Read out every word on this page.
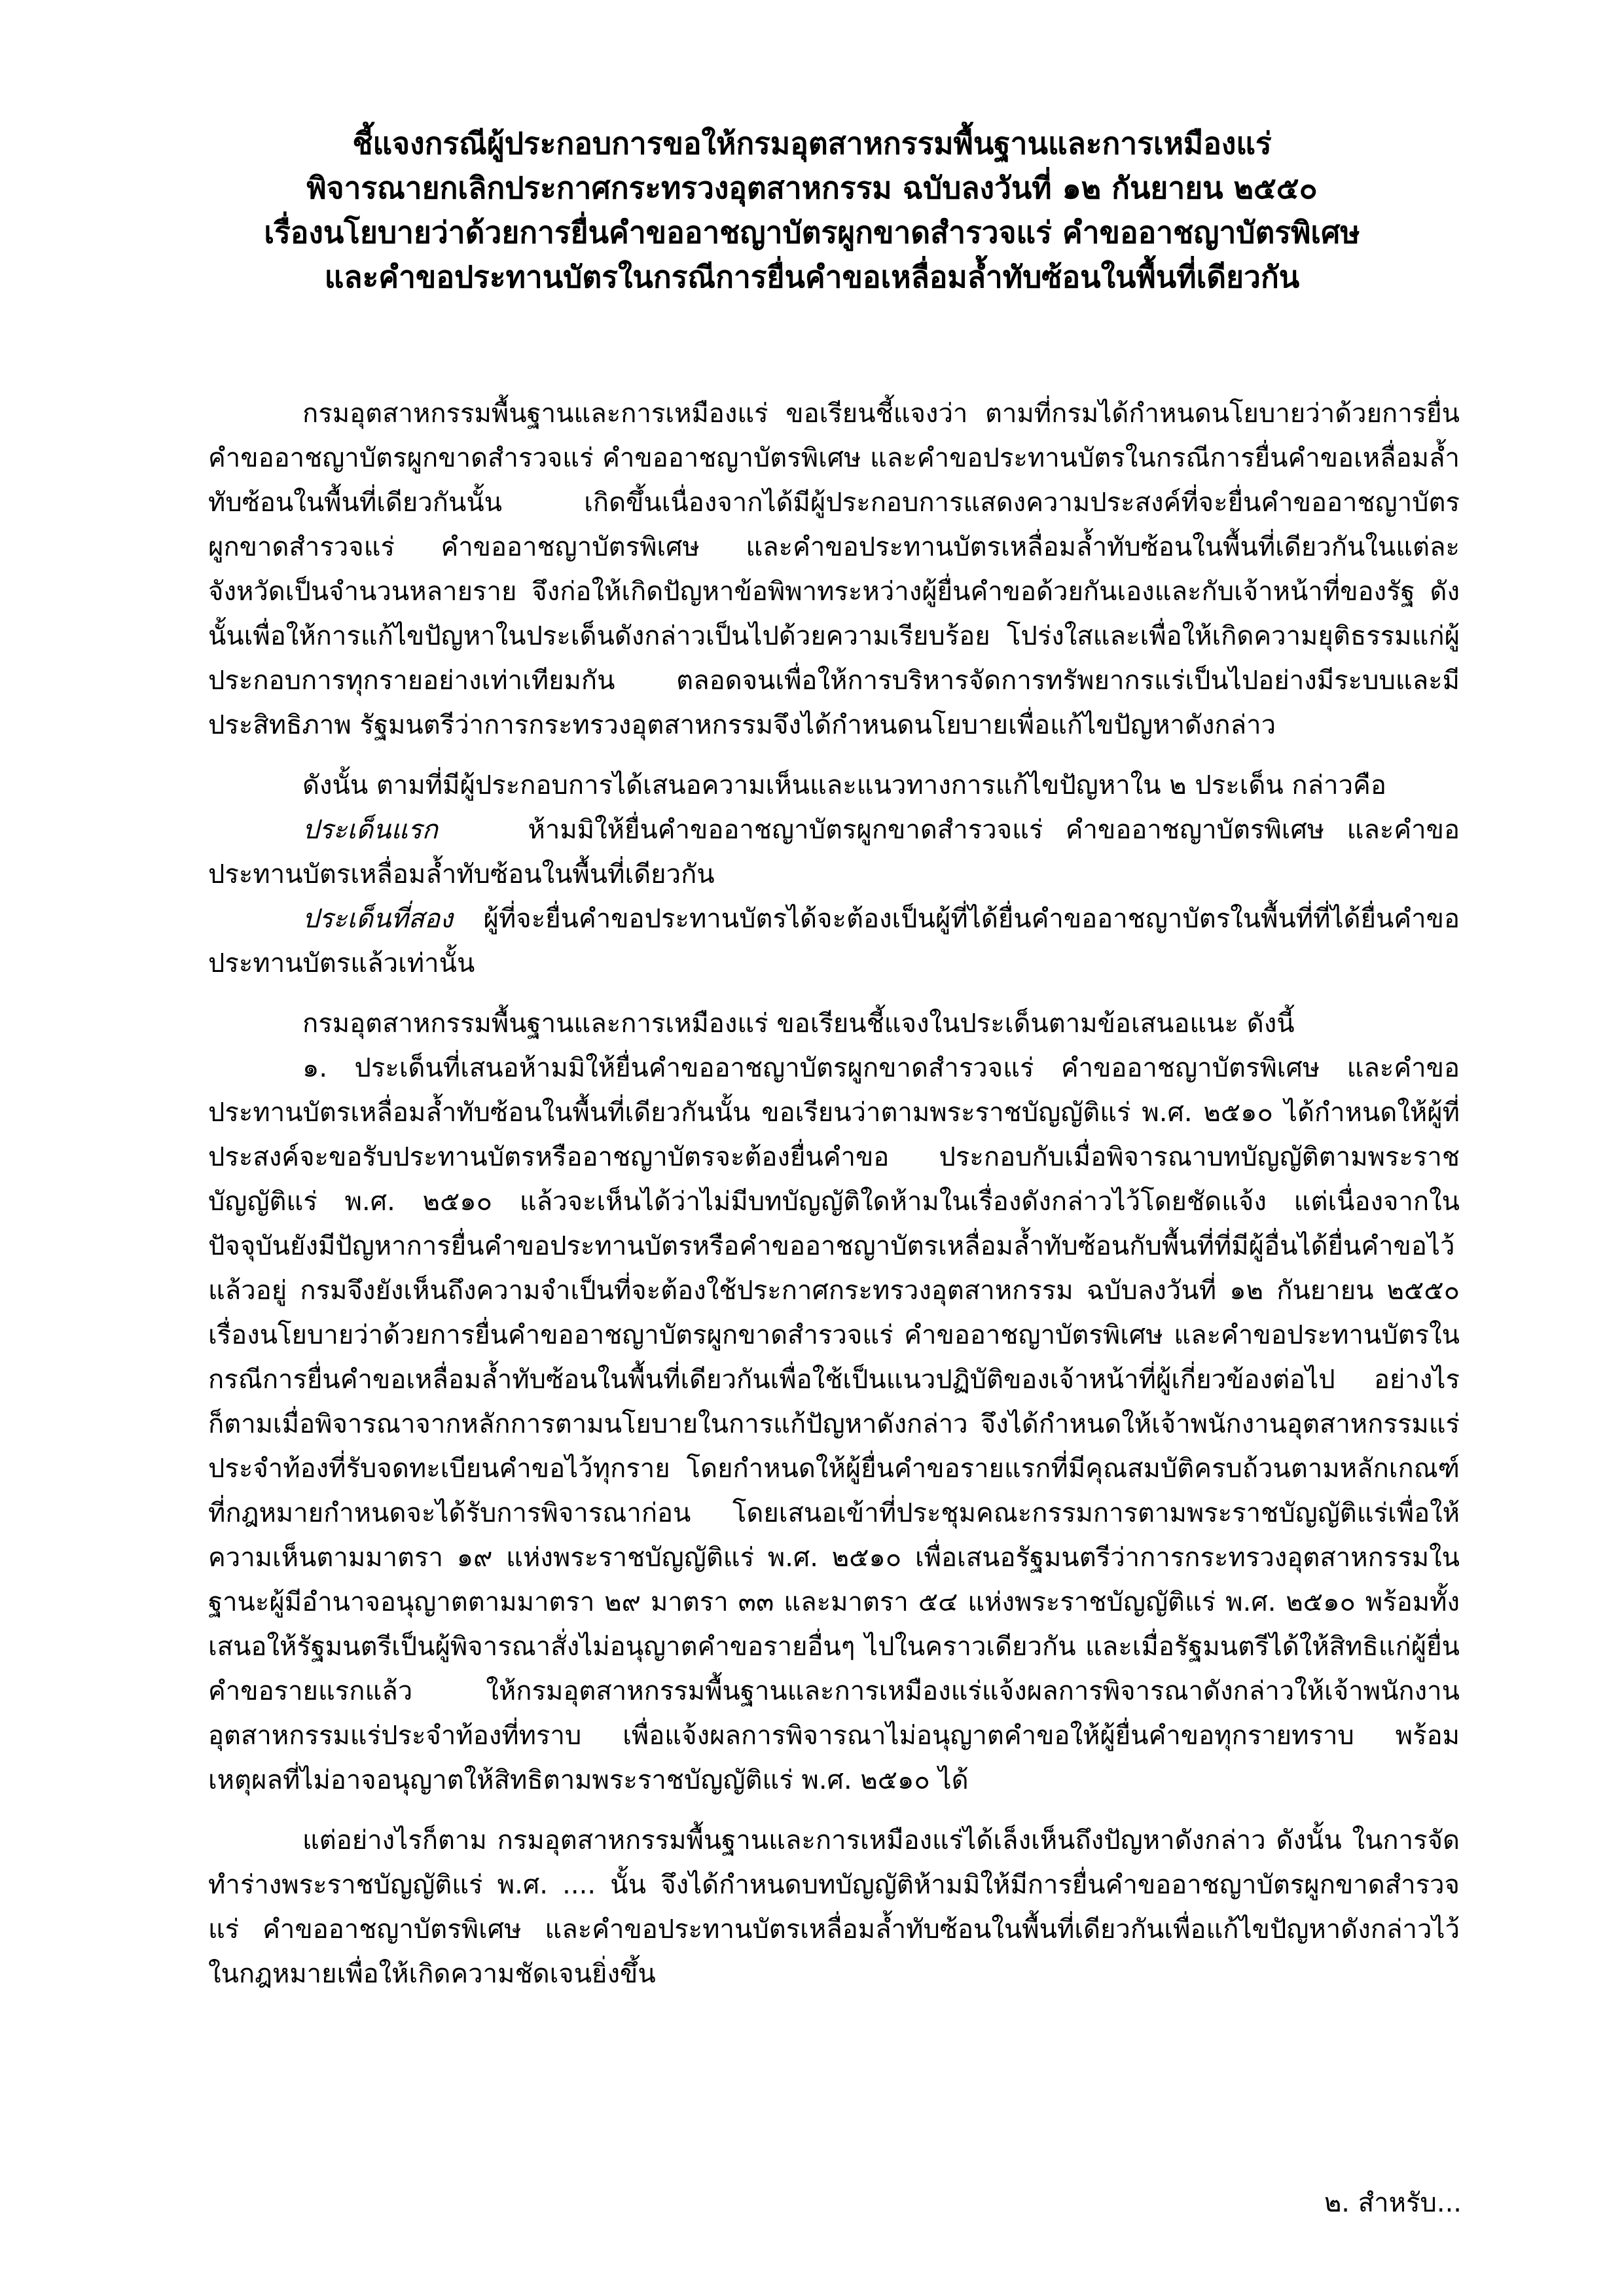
ชี้แจงกรณีผู้ประกอบการขอให้กรมอุตสาหกรรมพื้นฐานและการเหมืองแร่
พิจารณายกเลิกประกาศกระทรวงอุตสาหกรรม ฉบับลงวันที่ ๑๒ กันยายน ๒๕๕๐
เรื่องนโยบายว่าด้วยการยื่นคำขออาชญาบัตรผูกขาดสำรวจแร่ คำขออาชญาบัตรพิเศษ
และคำขอประทานบัตรในกรณีการยื่นคำขอเหลื่อมล้ำทับซ้อนในพื้นที่เดียวกัน

กรมอุตสาหกรรมพื้นฐานและการเหมืองแร่ ขอเรียนชี้แจงว่า ตามที่กรมได้กำหนดนโยบายว่าด้วยการยื่นคำขออาชญาบัตรผูกขาดสำรวจแร่ คำขออาชญาบัตรพิเศษ และคำขอประทานบัตรในกรณีการยื่นคำขอเหลื่อมล้ำทับซ้อนในพื้นที่เดียวกันนั้น เกิดขึ้นเนื่องจากได้มีผู้ประกอบการแสดงความประสงค์ที่จะยื่นคำขออาชญาบัตรผูกขาดสำรวจแร่ คำขออาชญาบัตรพิเศษ และคำขอประทานบัตรเหลื่อมล้ำทับซ้อนในพื้นที่เดียวกันในแต่ละจังหวัดเป็นจำนวนหลายราย จึงก่อให้เกิดปัญหาข้อพิพาทระหว่างผู้ยื่นคำขอด้วยกันเองและกับเจ้าหน้าที่ของรัฐ ดังนั้นเพื่อให้การแก้ไขปัญหาในประเด็นดังกล่าวเป็นไปด้วยความเรียบร้อย โปร่งใสและเพื่อให้เกิดความยุติธรรมแก่ผู้ประกอบการทุกรายอย่างเท่าเทียมกัน ตลอดจนเพื่อให้การบริหารจัดการทรัพยากรแร่เป็นไปอย่างมีระบบและมีประสิทธิภาพ รัฐมนตรีว่าการกระทรวงอุตสาหกรรมจึงได้กำหนดนโยบายเพื่อแก้ไขปัญหาดังกล่าว

ดังนั้น ตามที่มีผู้ประกอบการได้เสนอความเห็นและแนวทางการแก้ไขปัญหาใน ๒ ประเด็น กล่าวคือ

ประเด็นแรก	ห้ามมิให้ยื่นคำขออาชญาบัตรผูกขาดสำรวจแร่ คำขออาชญาบัตรพิเศษ และคำขอประทานบัตรเหลื่อมล้ำทับซ้อนในพื้นที่เดียวกัน

ประเด็นที่สอง ผู้ที่จะยื่นคำขอประทานบัตรได้จะต้องเป็นผู้ที่ได้ยื่นคำขออาชญาบัตรในพื้นที่ที่ได้ยื่นคำขอประทานบัตรแล้วเท่านั้น

กรมอุตสาหกรรมพื้นฐานและการเหมืองแร่ ขอเรียนชี้แจงในประเด็นตามข้อเสนอแนะ ดังนี้

๑. ประเด็นที่เสนอห้ามมิให้ยื่นคำขออาชญาบัตรผูกขาดสำรวจแร่ คำขออาชญาบัตรพิเศษ และคำขอประทานบัตรเหลื่อมล้ำทับซ้อนในพื้นที่เดียวกันนั้น ขอเรียนว่าตามพระราชบัญญัติแร่ พ.ศ. ๒๕๑๐ ได้กำหนดให้ผู้ที่ประสงค์จะขอรับประทานบัตรหรืออาชญาบัตรจะต้องยื่นคำขอ ประกอบกับเมื่อพิจารณาบทบัญญัติตามพระราชบัญญัติแร่ พ.ศ. ๒๕๑๐ แล้วจะเห็นได้ว่าไม่มีบทบัญญัติใดห้ามในเรื่องดังกล่าวไว้โดยชัดแจ้ง แต่เนื่องจากในปัจจุบันยังมีปัญหาการยื่นคำขอประทานบัตรหรือคำขออาชญาบัตรเหลื่อมล้ำทับซ้อนกับพื้นที่ที่มีผู้อื่นได้ยื่นคำขอไว้แล้วอยู่ กรมจึงยังเห็นถึงความจำเป็นที่จะต้องใช้ประกาศกระทรวงอุตสาหกรรม ฉบับลงวันที่ ๑๒ กันยายน ๒๕๕๐ เรื่องนโยบายว่าด้วยการยื่นคำขออาชญาบัตรผูกขาดสำรวจแร่ คำขออาชญาบัตรพิเศษ และคำขอประทานบัตรในกรณีการยื่นคำขอเหลื่อมล้ำทับซ้อนในพื้นที่เดียวกันเพื่อใช้เป็นแนวปฏิบัติของเจ้าหน้าที่ผู้เกี่ยวข้องต่อไป อย่างไรก็ตามเมื่อพิจารณาจากหลักการตามนโยบายในการแก้ปัญหาดังกล่าว จึงได้กำหนดให้เจ้าพนักงานอุตสาหกรรมแร่ประจำท้องที่รับจดทะเบียนคำขอไว้ทุกราย โดยกำหนดให้ผู้ยื่นคำขอรายแรกที่มีคุณสมบัติครบถ้วนตามหลักเกณฑ์ที่กฎหมายกำหนดจะได้รับการพิจารณาก่อน โดยเสนอเข้าที่ประชุมคณะกรรมการตามพระราชบัญญัติแร่เพื่อให้ความเห็นตามมาตรา ๑๙ แห่งพระราชบัญญัติแร่ พ.ศ. ๒๕๑๐ เพื่อเสนอรัฐมนตรีว่าการกระทรวงอุตสาหกรรมในฐานะผู้มีอำนาจอนุญาตตามมาตรา ๒๙ มาตรา ๓๓ และมาตรา ๕๔ แห่งพระราชบัญญัติแร่ พ.ศ. ๒๕๑๐ พร้อมทั้งเสนอให้รัฐมนตรีเป็นผู้พิจารณาสั่งไม่อนุญาตคำขอรายอื่นๆ ไปในคราวเดียวกัน และเมื่อรัฐมนตรีได้ให้สิทธิแก่ผู้ยื่นคำขอรายแรกแล้ว ให้กรมอุตสาหกรรมพื้นฐานและการเหมืองแร่แจ้งผลการพิจารณาดังกล่าวให้เจ้าพนักงานอุตสาหกรรมแร่ประจำท้องที่ทราบ เพื่อแจ้งผลการพิจารณาไม่อนุญาตคำขอให้ผู้ยื่นคำขอทุกรายทราบ พร้อมเหตุผลที่ไม่อาจอนุญาตให้สิทธิตามพระราชบัญญัติแร่ พ.ศ. ๒๕๑๐ ได้

แต่อย่างไรก็ตาม กรมอุตสาหกรรมพื้นฐานและการเหมืองแร่ได้เล็งเห็นถึงปัญหาดังกล่าว ดังนั้น ในการจัดทำร่างพระราชบัญญัติแร่ พ.ศ. .... นั้น จึงได้กำหนดบทบัญญัติห้ามมิให้มีการยื่นคำขออาชญาบัตรผูกขาดสำรวจแร่ คำขออาชญาบัตรพิเศษ และคำขอประทานบัตรเหลื่อมล้ำทับซ้อนในพื้นที่เดียวกันเพื่อแก้ไขปัญหาดังกล่าวไว้ในกฎหมายเพื่อให้เกิดความชัดเจนยิ่งขึ้น

๒. สำหรับ...
